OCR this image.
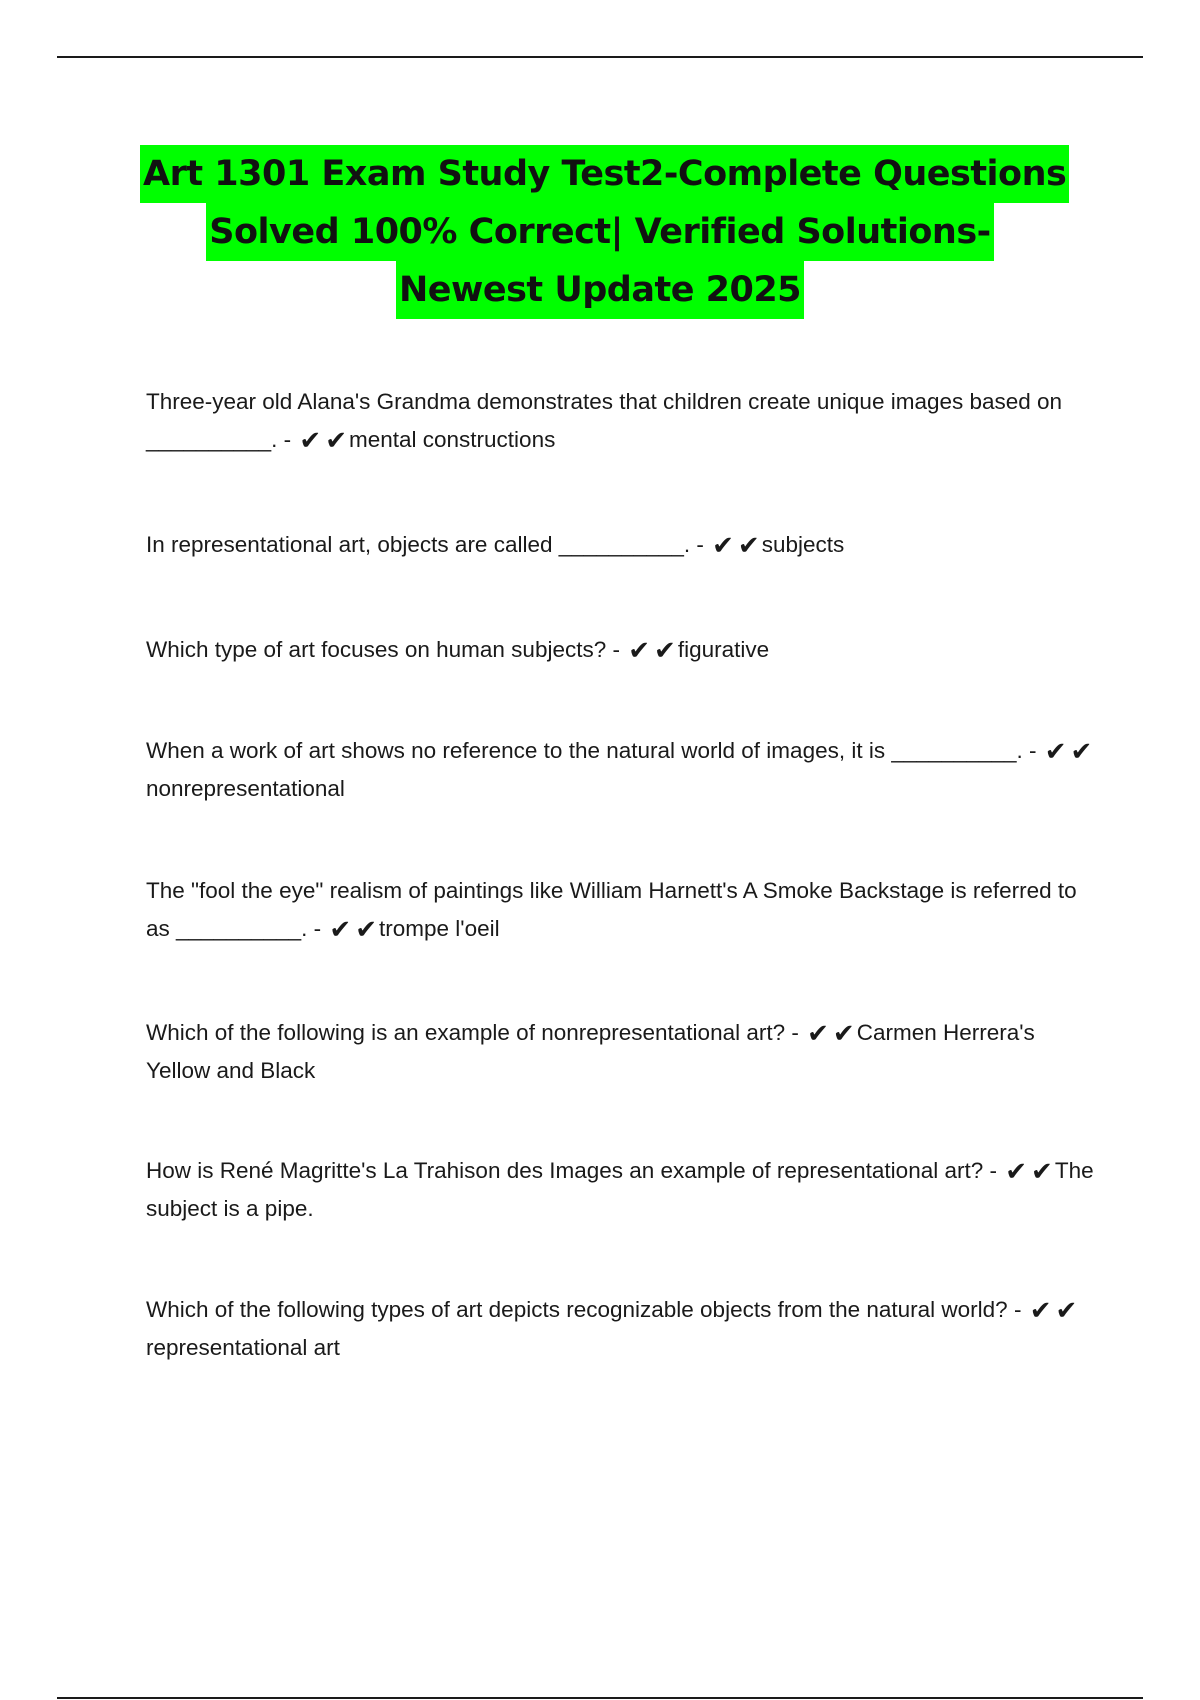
Art 1301 Exam Study Test2-Complete Questions
Solved 100% Correct| Verified Solutions-
Newest Update 2025
Three-year old Alana's Grandma demonstrates that children create unique images based on __________. - ✔ ✔mental constructions
In representational art, objects are called __________. - ✔ ✔subjects
Which type of art focuses on human subjects? - ✔ ✔figurative
When a work of art shows no reference to the natural world of images, it is __________. - ✔ ✔nonrepresentational
The "fool the eye" realism of paintings like William Harnett's A Smoke Backstage is referred to as __________. - ✔ ✔trompe l'oeil
Which of the following is an example of nonrepresentational art? - ✔ ✔Carmen Herrera's Yellow and Black
How is René Magritte's La Trahison des Images an example of representational art? - ✔ ✔The subject is a pipe.
Which of the following types of art depicts recognizable objects from the natural world? - ✔ ✔representational art
